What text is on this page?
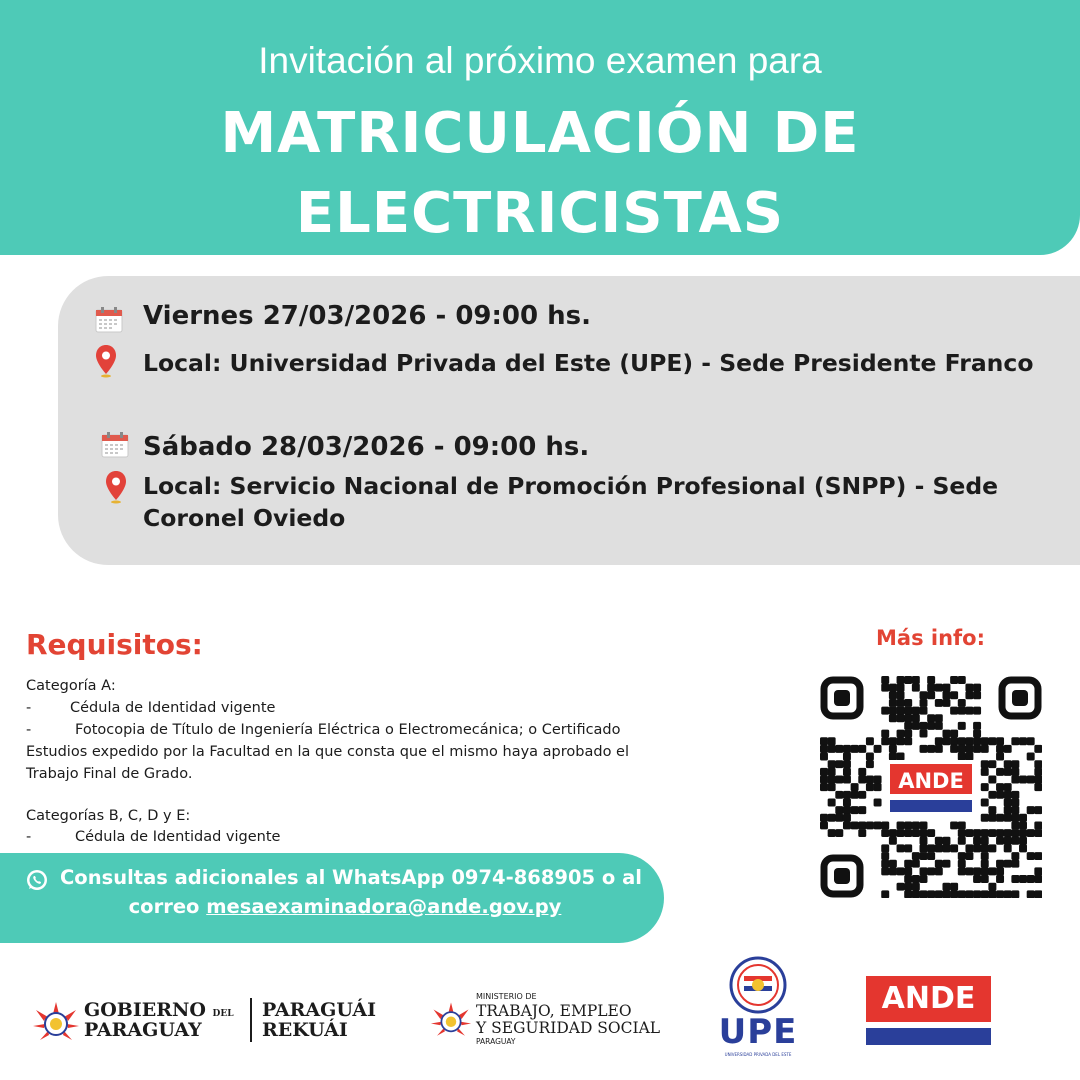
Invitación al próximo examen para
MATRICULACIÓN DE
ELECTRICISTAS
Viernes 27/03/2026 - 09:00 hs.
Local: Universidad Privada del Este (UPE) - Sede Presidente Franco
Sábado 28/03/2026 - 09:00 hs.
Local: Servicio Nacional de Promoción Profesional (SNPP) - Sede
Coronel Oviedo
Requisitos:
Categoría A:
-	Cédula de Identidad vigente
-	Fotocopia de Título de Ingeniería Eléctrica o Electromecánica; o Certificado
Estudios expedido por la Facultad en la que consta que el mismo haya aprobado el
Trabajo Final de Grado.
Categorías B, C, D y E:
-	Cédula de Identidad vigente
Más info:
ANDE
Consultas adicionales al WhatsApp 0974-868905 o al
correo mesaexaminadora@ande.gov.py
GOBIERNO DEL
PARAGUAY
PARAGUÁI
REKUÁI
MINISTERIO DE
TRABAJO, EMPLEO
Y SEGURIDAD SOCIAL
PARAGUAY	UPE
UNIVERSIDAD PRIVADA DEL ESTE
ANDE
